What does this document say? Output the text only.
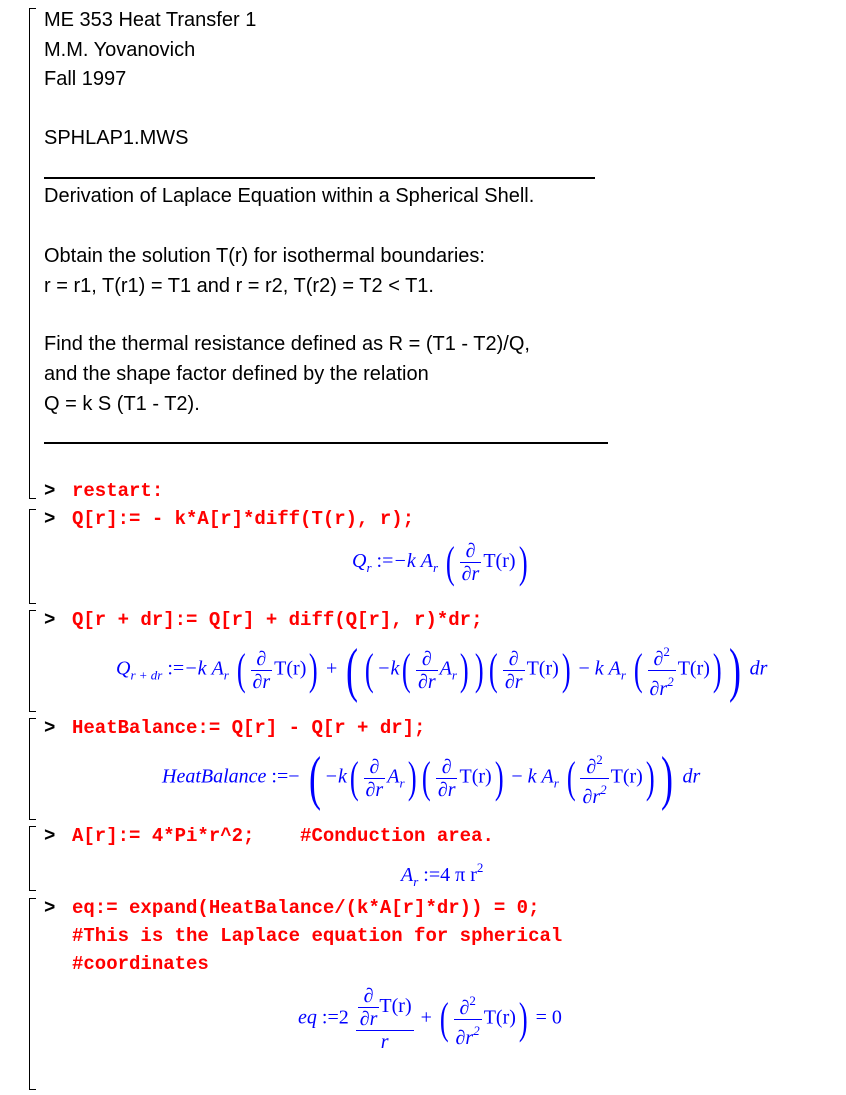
ME 353 Heat Transfer 1
M.M. Yovanovich
Fall 1997
SPHLAP1.MWS
Derivation of Laplace Equation within a Spherical Shell.
Obtain the solution T(r) for isothermal boundaries:
r = r1, T(r1) = T1 and r = r2, T(r2) = T2 < T1.
Find the thermal resistance defined as R = (T1 - T2)/Q,
and the shape factor defined by the relation
Q = k S (T1 - T2).
> restart:
> Q[r]:= - k*A[r]*diff(T(r), r);
$Q_r$ :=−k $A_r$ ( $\frac{\partial}{\partial r} T(r)$)
> Q[r + dr]:= Q[r] + diff(Q[r], r)*dr;
$Q_{r + dr}$ :=−k $A_r$ ( $\frac{\partial}{\partial r} T(r)$) + ( ( $-k( \frac{\partial}{\partial r} A_r)$ ) ( $\frac{\partial}{\partial r} T(r)) - k$ $A_r$ ( $\frac{\partial^2}{\partial r^2} T(r)$) ) dr
> HeatBalance:= Q[r] - Q[r + dr];
HeatBalance :=− ( $-k( \frac{\partial}{\partial r} A_r)$ ( $\frac{\partial}{\partial r} T(r)) - k$ $A_r$ ( $\frac{\partial^2}{\partial r^2} T(r)$) ) dr
> A[r]:= 4*Pi*r^2;    #Conduction area.
$A_r$ :=4 π $r^2$
> eq:= expand(HeatBalance/(k*A[r]*dr)) = 0;
#This is the Laplace equation for spherical
#coordinates
eq :=2 $\frac{\frac{\partial}{\partial r} T(r)}{r}$ + ( $\frac{\partial^2}{\partial r^2} T(r)) = 0$
